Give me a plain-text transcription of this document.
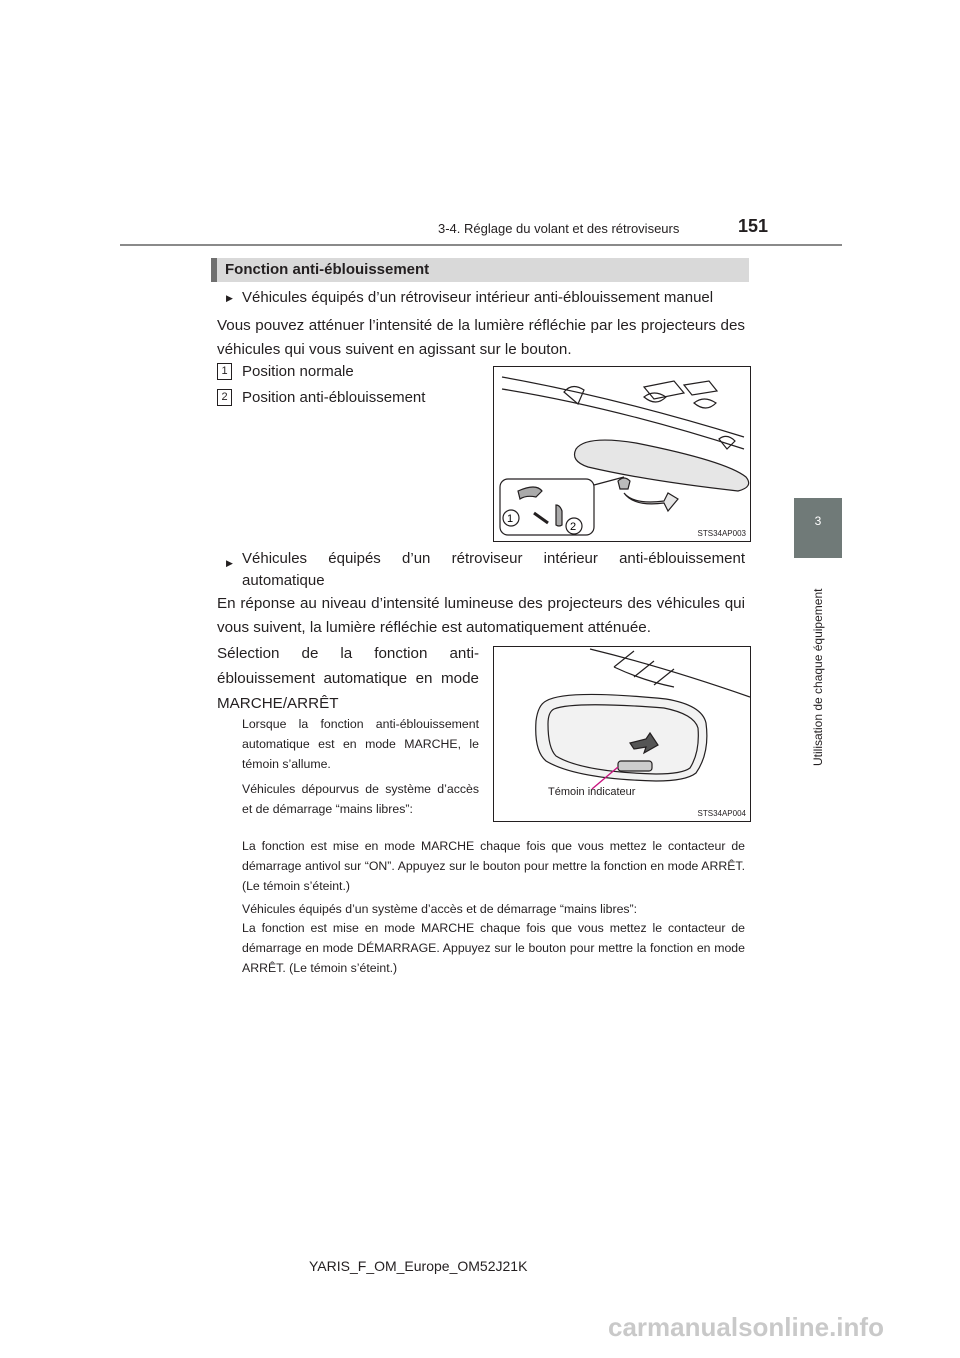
3-4. Réglage du volant et des rétroviseurs	151
3
Utilisation de chaque équipement
Fonction anti-éblouissement
▶ Véhicules équipés d’un rétroviseur intérieur anti-éblouissement manuel
Vous pouvez atténuer l’intensité de la lumière réfléchie par les projecteurs des véhicules qui vous suivent en agissant sur le bouton.
1 Position normale
2 Position anti-éblouissement
1
2
STS34AP003
▶ Véhicules équipés d’un rétroviseur intérieur anti-éblouissement automatique
En réponse au niveau d’intensité lumineuse des projecteurs des véhicules qui vous suivent, la lumière réfléchie est automatiquement atténuée.
Sélection de la fonction anti-éblouissement automatique en mode MARCHE/ARRÊT
Lorsque la fonction anti-éblouissement automatique est en mode MARCHE, le témoin s’allume.
Véhicules dépourvus de système d’accès et de démarrage “mains libres”:
La fonction est mise en mode MARCHE chaque fois que vous mettez le contacteur de démarrage antivol sur “ON”. Appuyez sur le bouton pour mettre la fonction en mode ARRÊT. (Le témoin s’éteint.)
Véhicules équipés d’un système d’accès et de démarrage “mains libres”:
La fonction est mise en mode MARCHE chaque fois que vous mettez le contacteur de démarrage en mode DÉMARRAGE. Appuyez sur le bouton pour mettre la fonction en mode ARRÊT. (Le témoin s’éteint.)
Témoin indicateur
STS34AP004
YARIS_F_OM_Europe_OM52J21K
carmanualsonline.info
